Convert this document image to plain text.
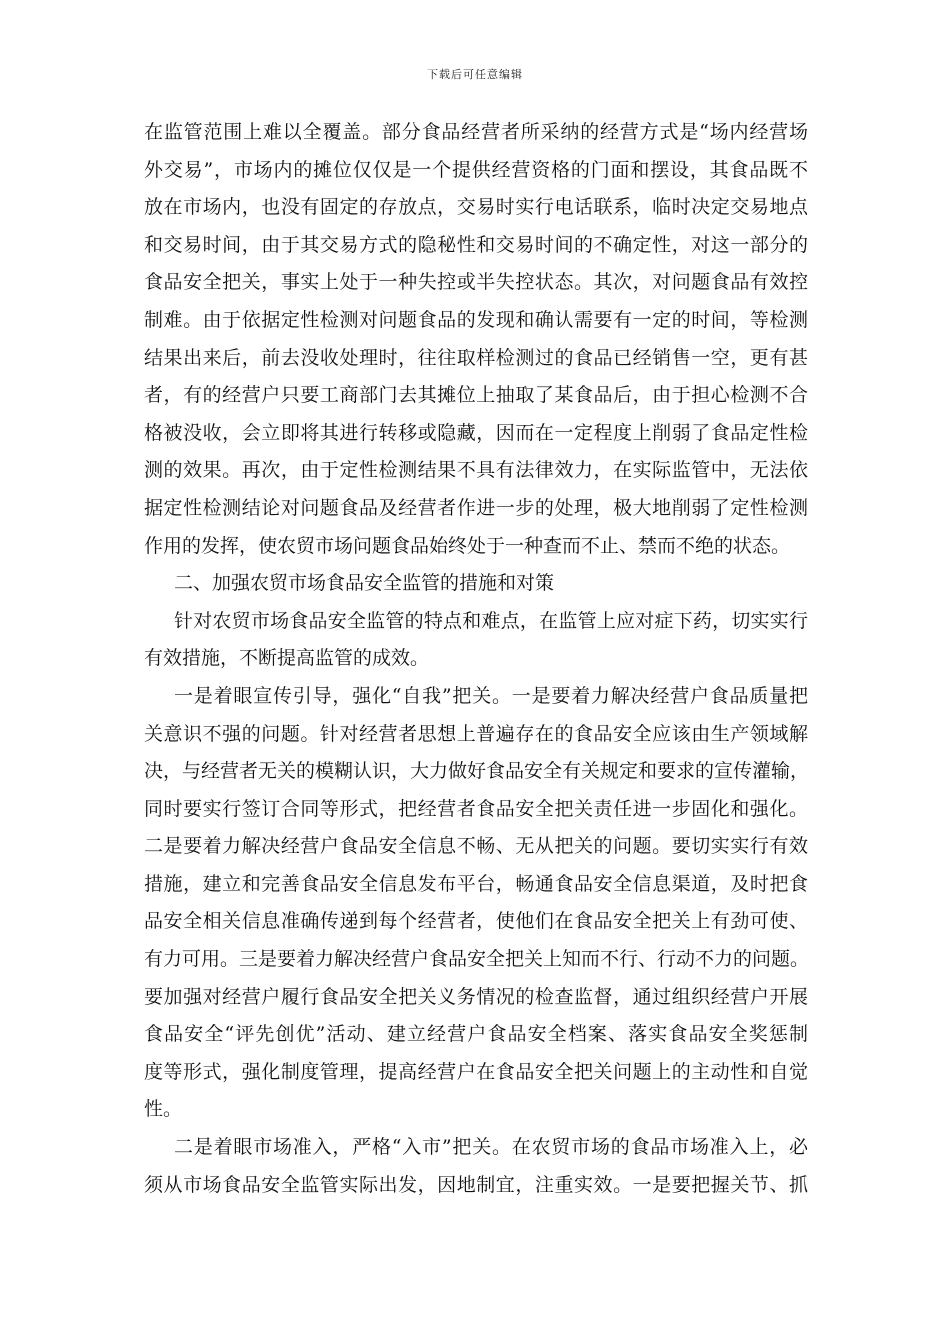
下载后可任意编辑
在监管范围上难以全覆盖。部分食品经营者所采纳的经营方式是“场内经营场
外交易”，市场内的摊位仅仅是一个提供经营资格的门面和摆设，其食品既不
放在市场内，也没有固定的存放点，交易时实行电话联系，临时决定交易地点
和交易时间，由于其交易方式的隐秘性和交易时间的不确定性，对这一部分的
食品安全把关，事实上处于一种失控或半失控状态。其次，对问题食品有效控
制难。由于依据定性检测对问题食品的发现和确认需要有一定的时间，等检测
结果出来后，前去没收处理时，往往取样检测过的食品已经销售一空，更有甚
者，有的经营户只要工商部门去其摊位上抽取了某食品后，由于担心检测不合
格被没收，会立即将其进行转移或隐藏，因而在一定程度上削弱了食品定性检
测的效果。再次，由于定性检测结果不具有法律效力，在实际监管中，无法依
据定性检测结论对问题食品及经营者作进一步的处理，极大地削弱了定性检测
作用的发挥，使农贸市场问题食品始终处于一种查而不止、禁而不绝的状态。
二、加强农贸市场食品安全监管的措施和对策
针对农贸市场食品安全监管的特点和难点，在监管上应对症下药，切实实行
有效措施，不断提高监管的成效。
一是着眼宣传引导，强化“自我”把关。一是要着力解决经营户食品质量把
关意识不强的问题。针对经营者思想上普遍存在的食品安全应该由生产领域解
决，与经营者无关的模糊认识，大力做好食品安全有关规定和要求的宣传灌输，
同时要实行签订合同等形式，把经营者食品安全把关责任进一步固化和强化。
二是要着力解决经营户食品安全信息不畅、无从把关的问题。要切实实行有效
措施，建立和完善食品安全信息发布平台，畅通食品安全信息渠道，及时把食
品安全相关信息准确传递到每个经营者，使他们在食品安全把关上有劲可使、
有力可用。三是要着力解决经营户食品安全把关上知而不行、行动不力的问题。
要加强对经营户履行食品安全把关义务情况的检查监督，通过组织经营户开展
食品安全“评先创优”活动、建立经营户食品安全档案、落实食品安全奖惩制
度等形式，强化制度管理，提高经营户在食品安全把关问题上的主动性和自觉
性。
二是着眼市场准入，严格“入市”把关。在农贸市场的食品市场准入上，必
须从市场食品安全监管实际出发，因地制宜，注重实效。一是要把握关节、抓
